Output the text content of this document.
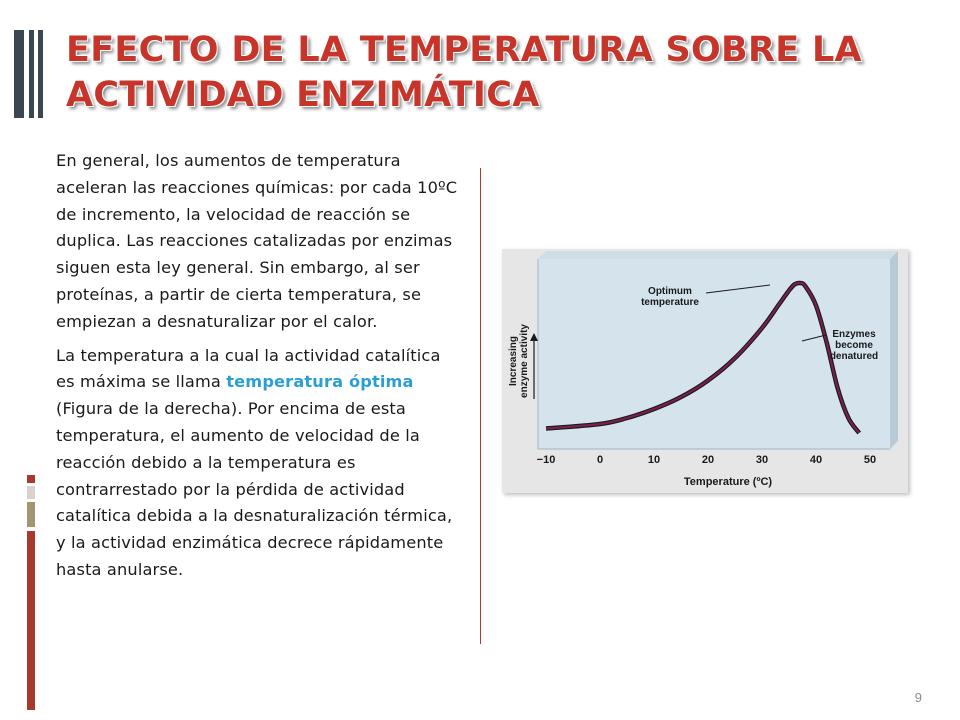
EFECTO DE LA TEMPERATURA SOBRE LA
ACTIVIDAD ENZIMÁTICA

En general, los aumentos de temperatura aceleran las reacciones químicas: por cada 10ºC de incremento, la velocidad de reacción se duplica. Las reacciones catalizadas por enzimas siguen esta ley general. Sin embargo, al ser proteínas, a partir de cierta temperatura, se empiezan a desnaturalizar por el calor.

La temperatura a la cual la actividad catalítica es máxima se llama temperatura óptima (Figura de la derecha). Por encima de esta temperatura, el aumento de velocidad de la reacción debido a la temperatura es contrarrestado por la pérdida de actividad catalítica debida a la desnaturalización térmica, y la actividad enzimática decrece rápidamente hasta anularse.

Increasing enzyme activity
−10	0	10	20	30	40	50
Temperature (ºC)
Optimum
temperature
Enzymes
become
denatured
9
